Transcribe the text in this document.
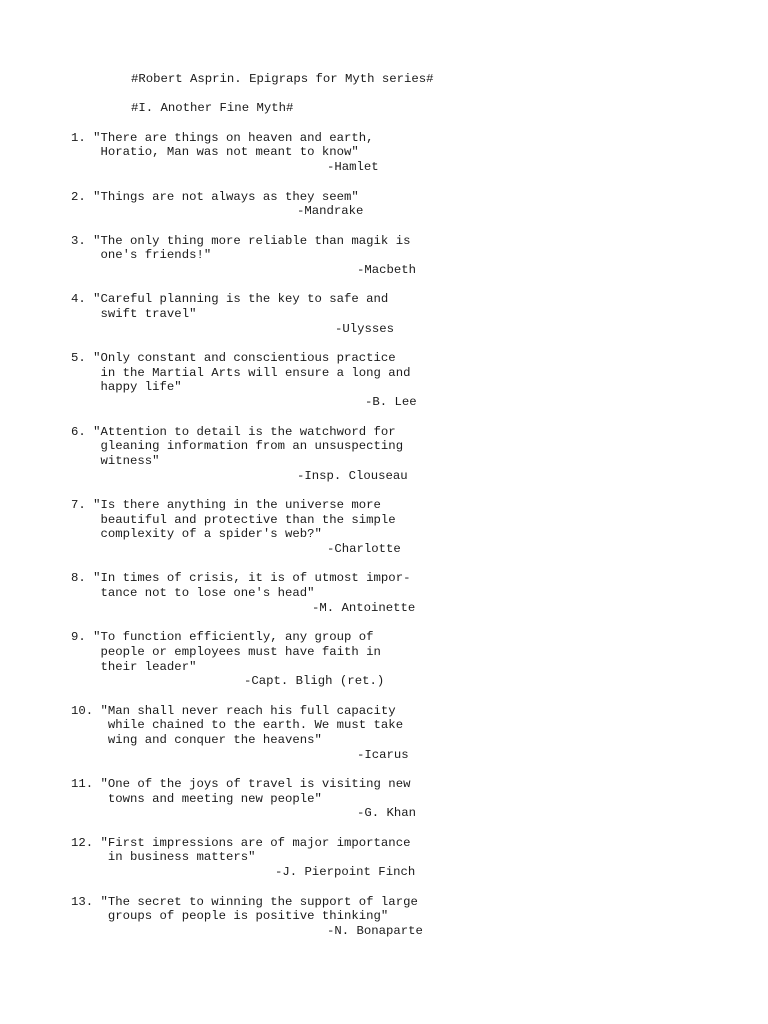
#Robert Asprin. Epigraps for Myth series#
#I. Another Fine Myth#
1. "There are things on heaven and earth,
Horatio, Man was not meant to know"
-Hamlet
2. "Things are not always as they seem"
-Mandrake
3. "The only thing more reliable than magik is
one's friends!"
-Macbeth
4. "Careful planning is the key to safe and
swift travel"
-Ulysses
5. "Only constant and conscientious practice
in the Martial Arts will ensure a long and
happy life"
-B. Lee
6. "Attention to detail is the watchword for
gleaning information from an unsuspecting
witness"
-Insp. Clouseau
7. "Is there anything in the universe more
beautiful and protective than the simple
complexity of a spider's web?"
-Charlotte
8. "In times of crisis, it is of utmost impor-
tance not to lose one's head"
-M. Antoinette
9. "To function efficiently, any group of
people or employees must have faith in
their leader"
-Capt. Bligh (ret.)
10. "Man shall never reach his full capacity
while chained to the earth. We must take
wing and conquer the heavens"
-Icarus
11. "One of the joys of travel is visiting new
towns and meeting new people"
-G. Khan
12. "First impressions are of major importance
in business matters"
-J. Pierpoint Finch
13. "The secret to winning the support of large
groups of people is positive thinking"
-N. Bonaparte
